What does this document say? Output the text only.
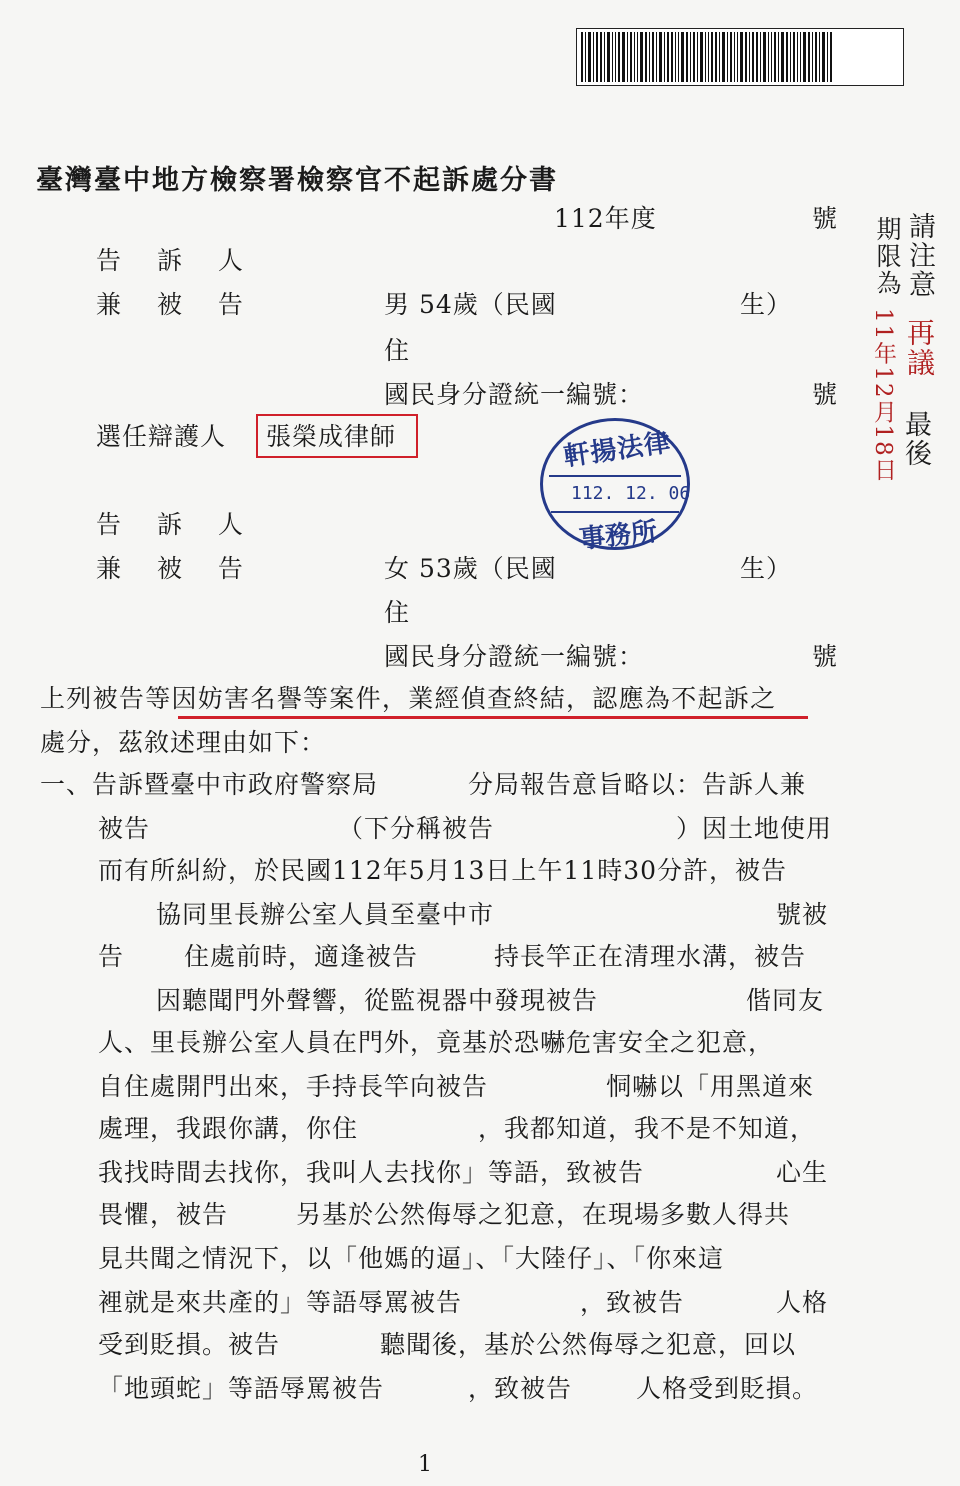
臺灣臺中地方檢察署檢察官不起訴處分書
112年度	號
告 訴 人
兼 被 告	男 54歲（民國	生）
住
國民身分證統一編號：	號
選任辯護人 張榮成律師	軒揚法律
112. 12. 06
事務所
請注意
期限為
再議
11年12月18日 最後
告 訴 人
兼 被 告	女 53歲（民國	生）
住
國民身分證統一編號：	號
上列被告等因妨害名譽等案件，業經偵查終結，認應為不起訴之
處分，茲敘述理由如下：
一、告訴暨臺中市政府警察局	分局報告意旨略以：告訴人兼
被告	（下分稱被告	）因土地使用
而有所糾紛，於民國112年5月13日上午11時30分許，被告
協同里長辦公室人員至臺中市	號被
告 住處前時，適逢被告	持長竿正在清理水溝，被告
因聽聞門外聲響，從監視器中發現被告	偕同友
人、里長辦公室人員在門外，竟基於恐嚇危害安全之犯意，
自住處開門出來，手持長竿向被告	恫嚇以「用黑道來
處理，我跟你講，你住	，我都知道，我不是不知道，
我找時間去找你，我叫人去找你」等語，致被告	心生
畏懼，被告	另基於公然侮辱之犯意，在現場多數人得共
見共聞之情況下，以「他媽的逼」、「大陸仔」、「你來這
裡就是來共產的」等語辱罵被告	，致被告	人格
受到貶損。被告	聽聞後，基於公然侮辱之犯意，回以
「地頭蛇」等語辱罵被告	，致被告	人格受到貶損。
1
